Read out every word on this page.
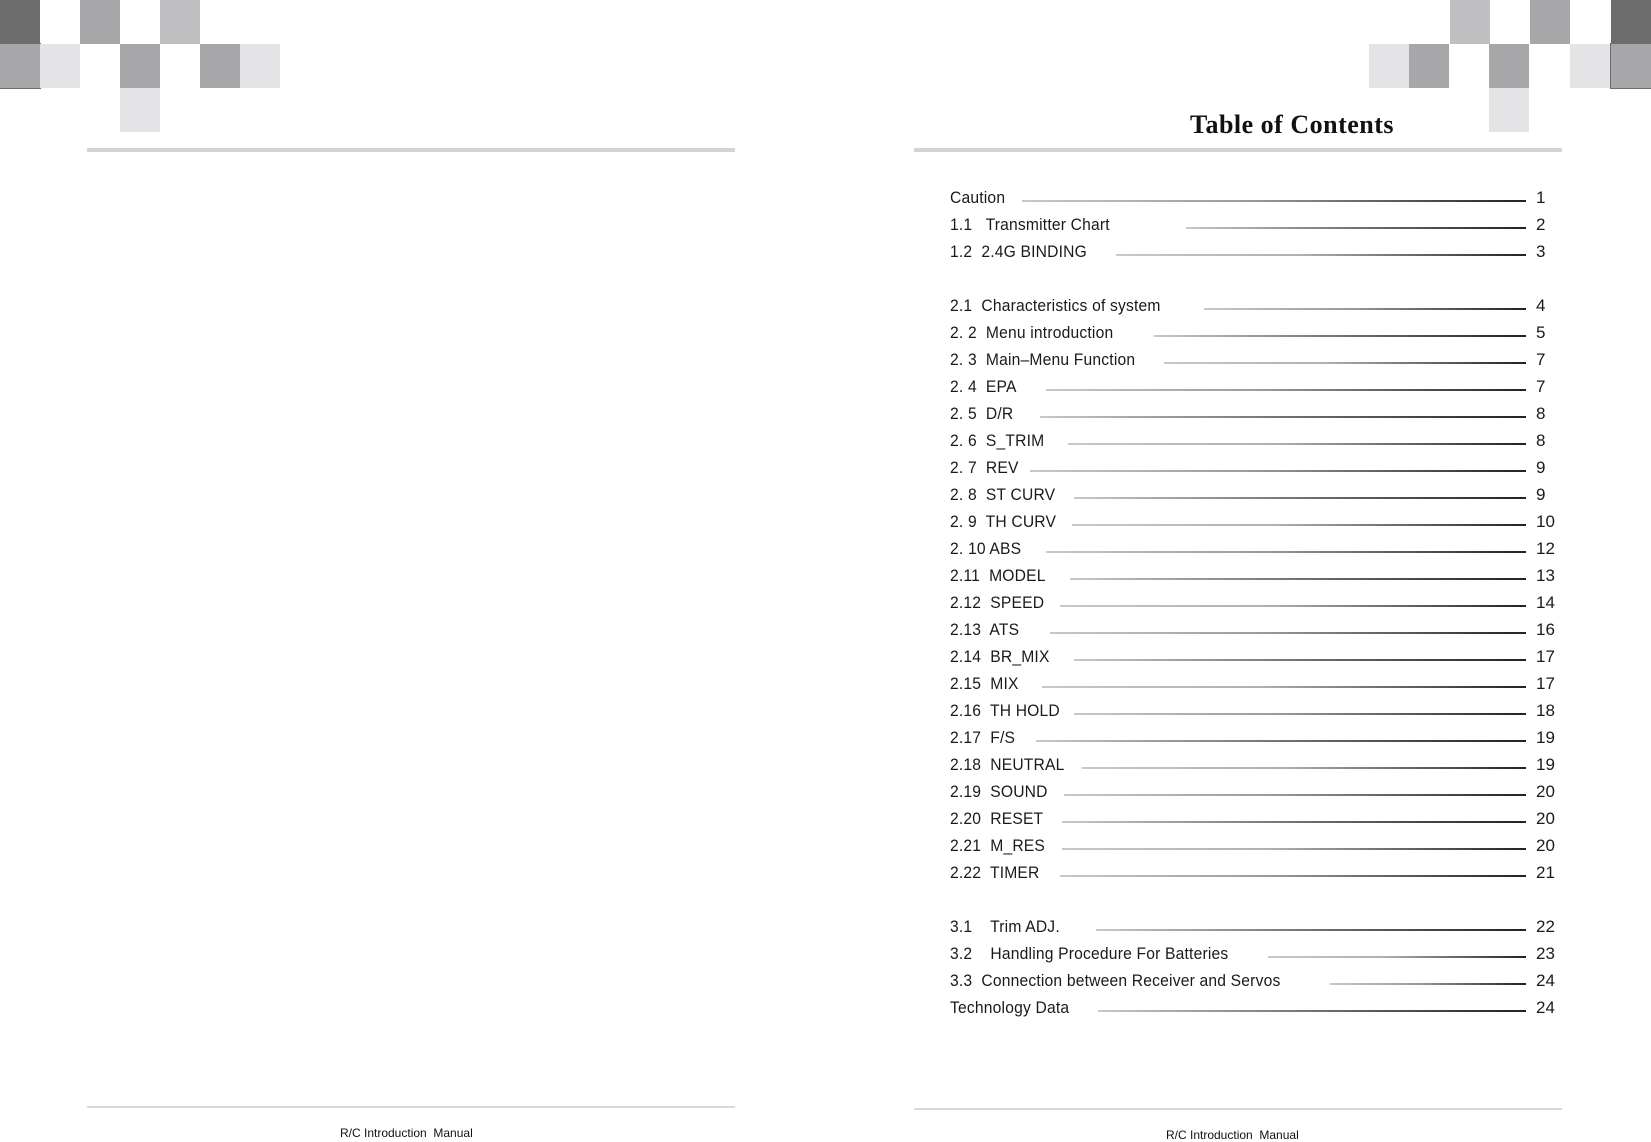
R/C Introduction  Manual
Table of Contents
Caution	1
1.1   Transmitter Chart	2
1.2  2.4G BINDING	3
2.1  Characteristics of system	4
2. 2  Menu introduction	5
2. 3  Main–Menu Function	7
2. 4  EPA	7
2. 5  D/R	8
2. 6  S_TRIM	8
2. 7  REV	9
2. 8  ST CURV	9
2. 9  TH CURV	10
2. 10 ABS	12
2.11  MODEL	13
2.12  SPEED	14
2.13  ATS	16
2.14  BR_MIX	17
2.15  MIX	17
2.16  TH HOLD	18
2.17  F/S	19
2.18  NEUTRAL	19
2.19  SOUND	20
2.20  RESET	20
2.21  M_RES	20
2.22  TIMER	21
3.1    Trim ADJ.	22
3.2    Handling Procedure For Batteries	23
3.3  Connection between Receiver and Servos	24
Technology Data	24
R/C Introduction  Manual
